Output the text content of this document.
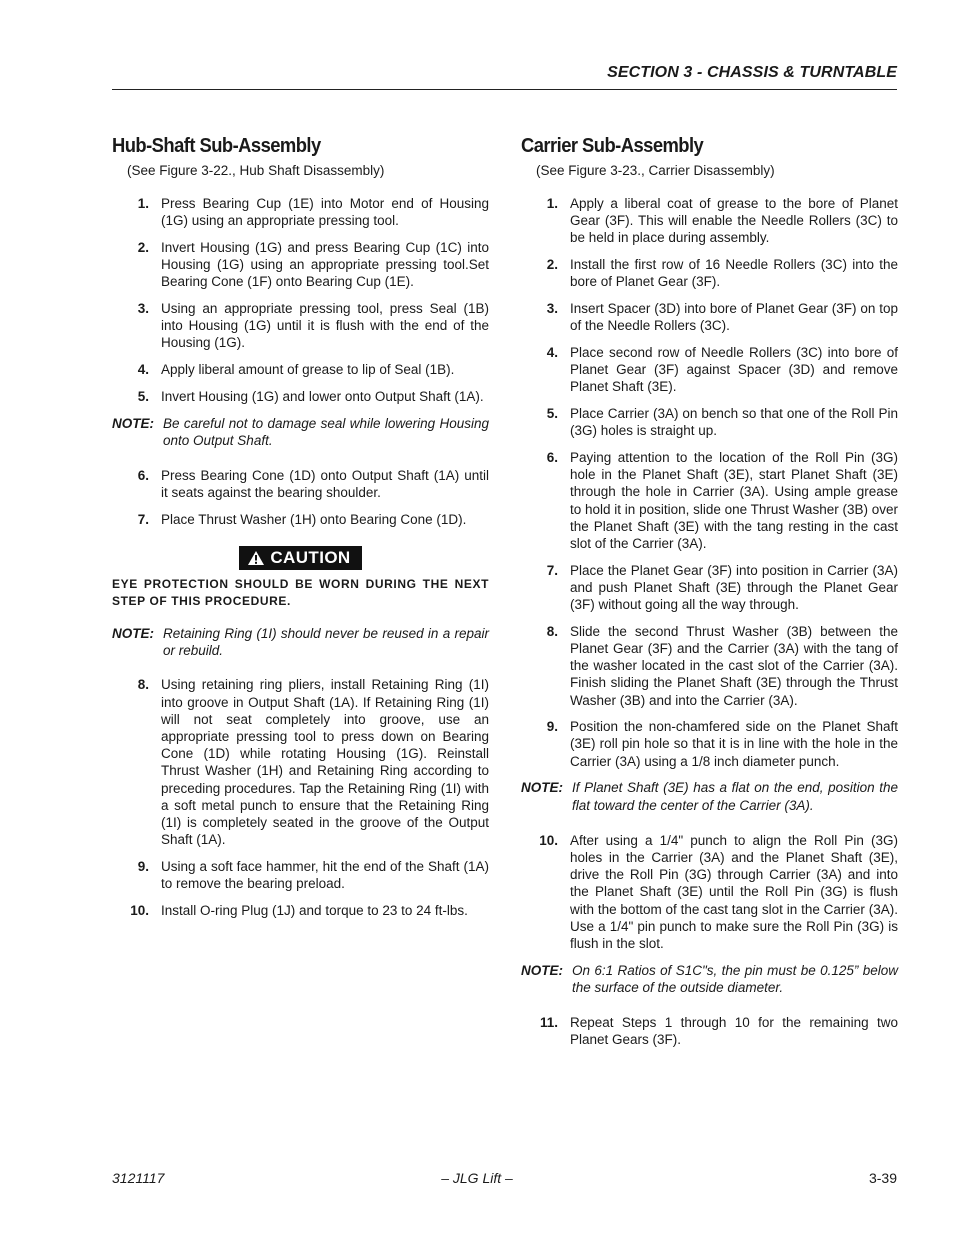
SECTION 3 - CHASSIS & TURNTABLE
Hub-Shaft Sub-Assembly
(See Figure 3-22., Hub Shaft Disassembly)
1. Press Bearing Cup (1E) into Motor end of Housing (1G) using an appropriate pressing tool.
2. Invert Housing (1G) and press Bearing Cup (1C) into Housing (1G) using an appropriate pressing tool.Set Bearing Cone (1F) onto Bearing Cup (1E).
3. Using an appropriate pressing tool, press Seal (1B) into Housing (1G) until it is flush with the end of the Housing (1G).
4. Apply liberal amount of grease to lip of Seal (1B).
5. Invert Housing (1G) and lower onto Output Shaft (1A).
NOTE: Be careful not to damage seal while lowering Housing onto Output Shaft.
6. Press Bearing Cone (1D) onto Output Shaft (1A) until it seats against the bearing shoulder.
7. Place Thrust Washer (1H) onto Bearing Cone (1D).
CAUTION
EYE PROTECTION SHOULD BE WORN DURING THE NEXT STEP OF THIS PROCEDURE.
NOTE: Retaining Ring (1I) should never be reused in a repair or rebuild.
8. Using retaining ring pliers, install Retaining Ring (1I) into groove in Output Shaft (1A). If Retaining Ring (1I) will not seat completely into groove, use an appropriate pressing tool to press down on Bearing Cone (1D) while rotating Housing (1G). Reinstall Thrust Washer (1H) and Retaining Ring according to preceding procedures. Tap the Retaining Ring (1I) with a soft metal punch to ensure that the Retaining Ring (1I) is completely seated in the groove of the Output Shaft (1A).
9. Using a soft face hammer, hit the end of the Shaft (1A) to remove the bearing preload.
10. Install O-ring Plug (1J) and torque to 23 to 24 ft-lbs.
Carrier Sub-Assembly
(See Figure 3-23., Carrier Disassembly)
1. Apply a liberal coat of grease to the bore of Planet Gear (3F). This will enable the Needle Rollers (3C) to be held in place during assembly.
2. Install the first row of 16 Needle Rollers (3C) into the bore of Planet Gear (3F).
3. Insert Spacer (3D) into bore of Planet Gear (3F) on top of the Needle Rollers (3C).
4. Place second row of Needle Rollers (3C) into bore of Planet Gear (3F) against Spacer (3D) and remove Planet Shaft (3E).
5. Place Carrier (3A) on bench so that one of the Roll Pin (3G) holes is straight up.
6. Paying attention to the location of the Roll Pin (3G) hole in the Planet Shaft (3E), start Planet Shaft (3E) through the hole in Carrier (3A). Using ample grease to hold it in position, slide one Thrust Washer (3B) over the Planet Shaft (3E) with the tang resting in the cast slot of the Carrier (3A).
7. Place the Planet Gear (3F) into position in Carrier (3A) and push Planet Shaft (3E) through the Planet Gear (3F) without going all the way through.
8. Slide the second Thrust Washer (3B) between the Planet Gear (3F) and the Carrier (3A) with the tang of the washer located in the cast slot of the Carrier (3A). Finish sliding the Planet Shaft (3E) through the Thrust Washer (3B) and into the Carrier (3A).
9. Position the non-chamfered side on the Planet Shaft (3E) roll pin hole so that it is in line with the hole in the Carrier (3A) using a 1/8 inch diameter punch.
NOTE: If Planet Shaft (3E) has a flat on the end, position the flat toward the center of the Carrier (3A).
10. After using a 1/4" punch to align the Roll Pin (3G) holes in the Carrier (3A) and the Planet Shaft (3E), drive the Roll Pin (3G) through Carrier (3A) and into the Planet Shaft (3E) until the Roll Pin (3G) is flush with the bottom of the cast tang slot in the Carrier (3A). Use a 1/4" pin punch to make sure the Roll Pin (3G) is flush in the slot.
NOTE: On 6:1 Ratios of S1C"s, the pin must be 0.125” below the surface of the outside diameter.
11. Repeat Steps 1 through 10 for the remaining two Planet Gears (3F).
3121117	– JLG Lift –	3-39
